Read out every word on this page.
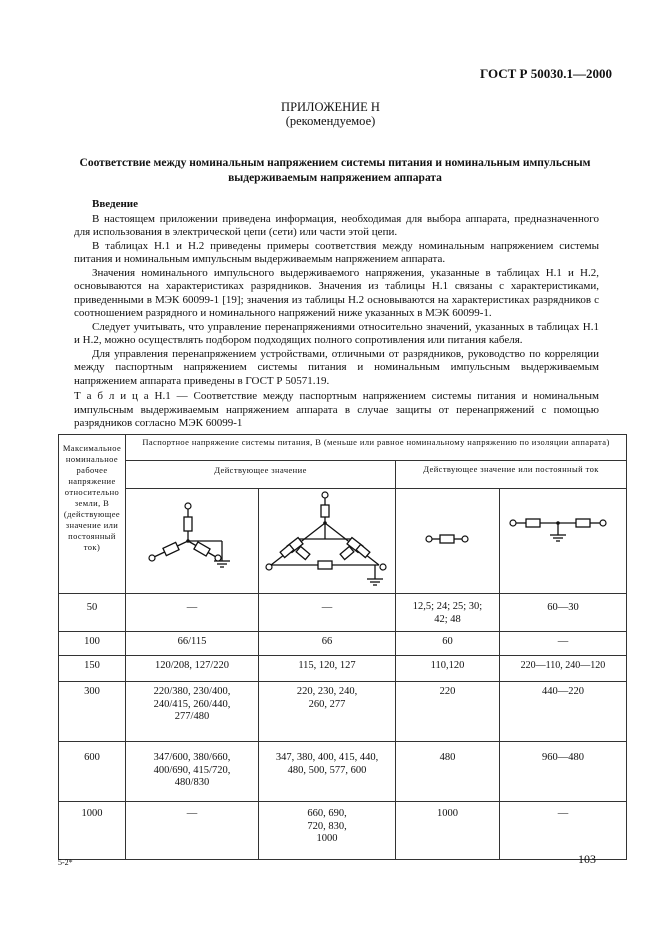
ГОСТ Р 50030.1—2000
ПРИЛОЖЕНИЕ Н
(рекомендуемое)
Соответствие между номинальным напряжением системы питания и номинальным импульсным
выдерживаемым напряжением аппарата

Введение

В настоящем приложении приведена информация, необходимая для выбора аппарата, предназначенного для использования в электрической цепи (сети) или части этой цепи.

В таблицах Н.1 и Н.2 приведены примеры соответствия между номинальным напряжением системы питания и номинальным импульсным выдерживаемым напряжением аппарата.

Значения номинального импульсного выдерживаемого напряжения, указанные в таблицах Н.1 и Н.2, основываются на характеристиках разрядников. Значения из таблицы Н.1 связаны с характеристиками, приведенными в МЭК 60099-1 [19]; значения из таблицы Н.2 основываются на характеристиках разрядников с соотношением разрядного и номинального напряжений ниже указанных в МЭК 60099-1.

Следует учитывать, что управление перенапряжениями относительно значений, указанных в таблицах Н.1 и Н.2, можно осуществлять подбором подходящих полного сопротивления или питания кабеля.

Для управления перенапряжением устройствами, отличными от разрядников, руководство по корреляции между паспортным напряжением системы питания и номинальным импульсным выдерживаемым напряжением аппарата приведены в ГОСТ Р 50571.19.

Т а б л и ц а Н.1 — Соответствие между паспортным напряжением системы питания и номинальным импульсным выдерживаемым напряжением аппарата в случае защиты от перенапряжений с помощью разрядников согласно МЭК 60099-1
Максимальное номинальное рабочее напряжение относительно земли, В (действующее значение или постоянный ток)	Паспортное напряжение системы питания, В (меньше или равное номинальному напряжению по изоляции аппарата)			
	Действующее значение		Действующее значение или постоянный ток	

50	—	—	12,5; 24; 25; 30; 42; 48	60—30
100	66/115	66	60	—
150	120/208, 127/220	115, 120, 127	110,120	220—110, 240—120
300	220/380, 230/400, 240/415, 260/440, 277/480	220, 230, 240, 260, 277	220	440—220
600	347/600, 380/660, 400/690, 415/720, 480/830	347, 380, 400, 415, 440, 480, 500, 577, 600	480	960—480
1000	—	660, 690, 720, 830, 1000	1000	—
5-2*	103
